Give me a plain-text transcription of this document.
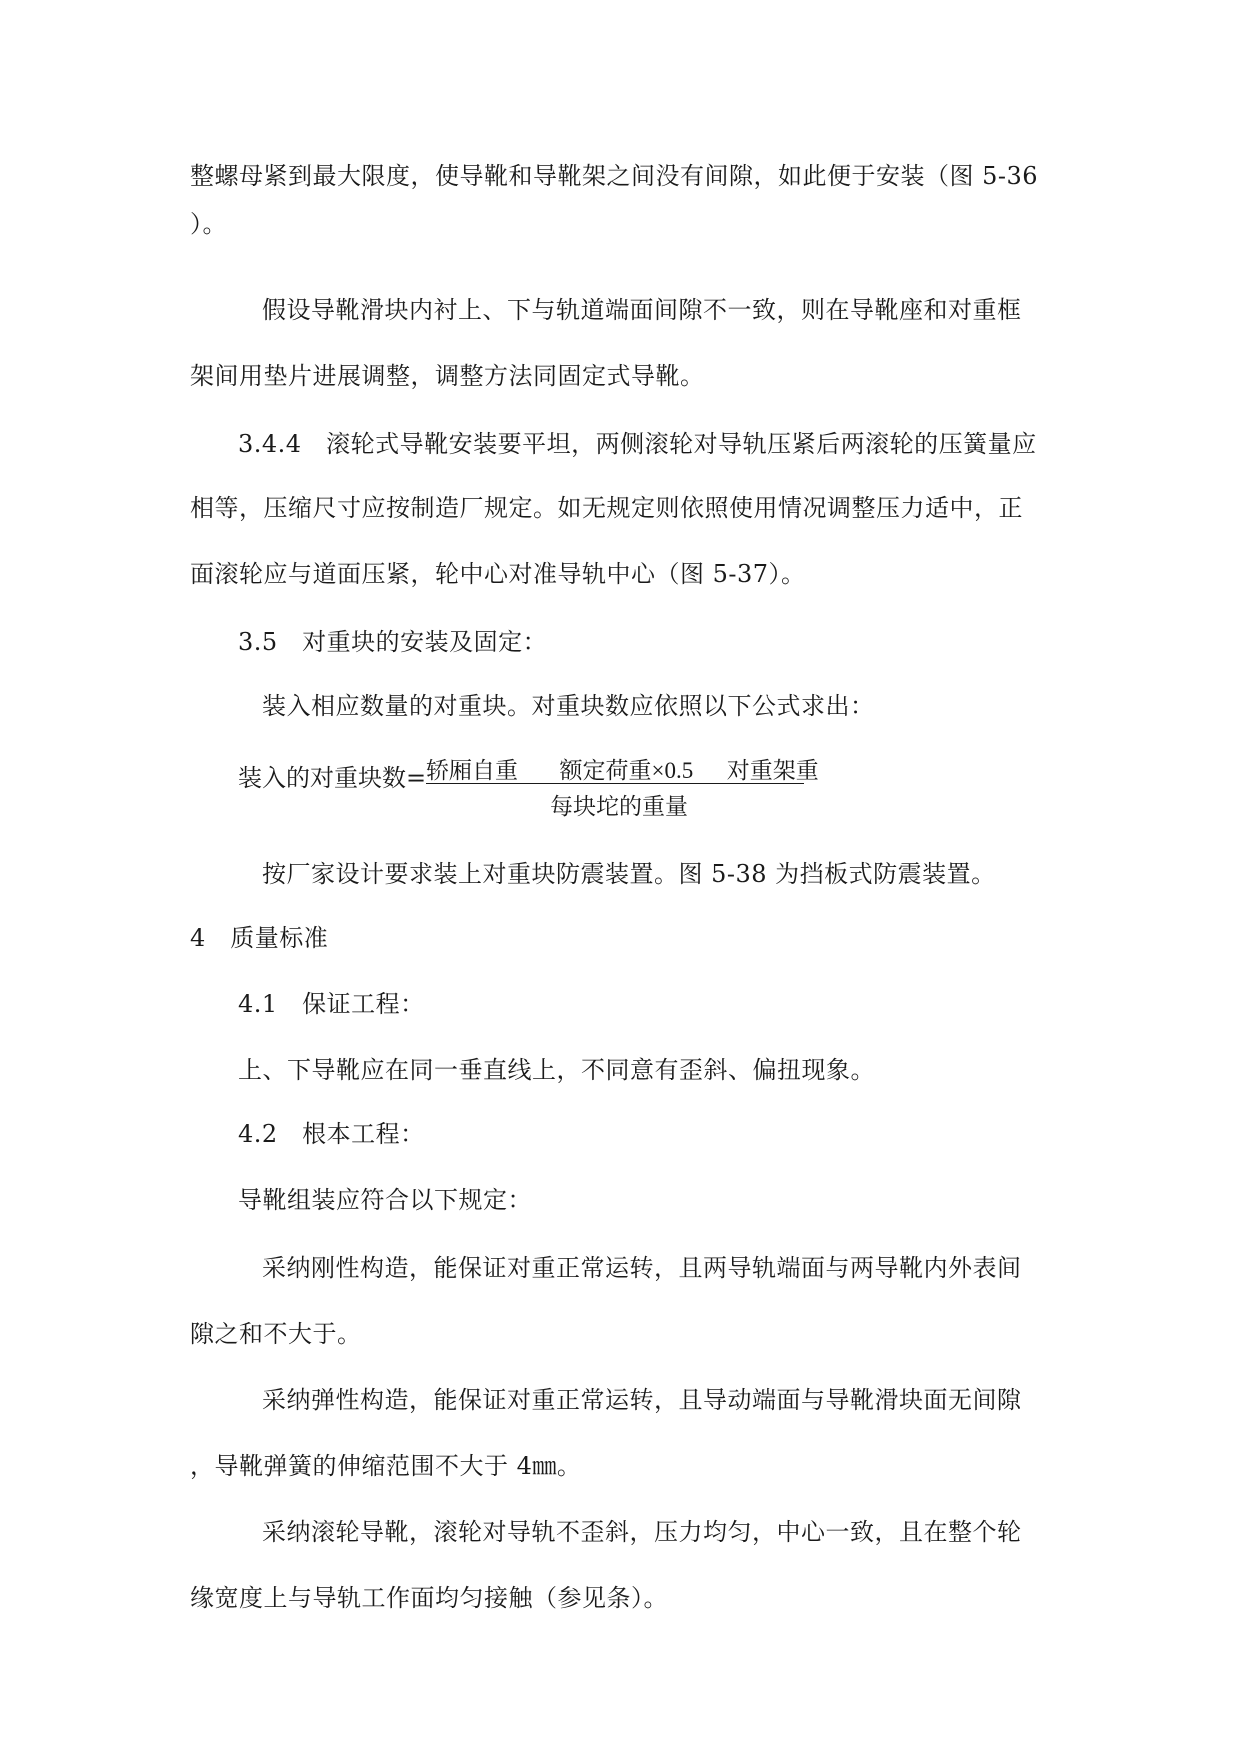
整螺母紧到最大限度，使导靴和导靴架之间没有间隙，如此便于安装（图 5-36
）。
假设导靴滑块内衬上、下与轨道端面间隙不一致，则在导靴座和对重框
架间用垫片进展调整，调整方法同固定式导靴。
3.4.4　滚轮式导靴安装要平坦，两侧滚轮对导轨压紧后两滚轮的压簧量应
相等，压缩尺寸应按制造厂规定。如无规定则依照使用情况调整压力适中，正
面滚轮应与道面压紧，轮中心对准导轨中心（图 5-37）。
3.5　对重块的安装及固定：
装入相应数量的对重块。对重块数应依照以下公式求出：
装入的对重块数= 轿厢自重 额定荷重×0.5 对重架重
每块坨的重量
按厂家设计要求装上对重块防震装置。图 5-38 为挡板式防震装置。
4　质量标准
4.1　保证工程：
上、下导靴应在同一垂直线上，不同意有歪斜、偏扭现象。
4.2　根本工程：
导靴组装应符合以下规定：
采纳刚性构造，能保证对重正常运转，且两导轨端面与两导靴内外表间
隙之和不大于。
采纳弹性构造，能保证对重正常运转，且导动端面与导靴滑块面无间隙
，导靴弹簧的伸缩范围不大于 4㎜。
采纳滚轮导靴，滚轮对导轨不歪斜，压力均匀，中心一致，且在整个轮
缘宽度上与导轨工作面均匀接触（参见条）。
